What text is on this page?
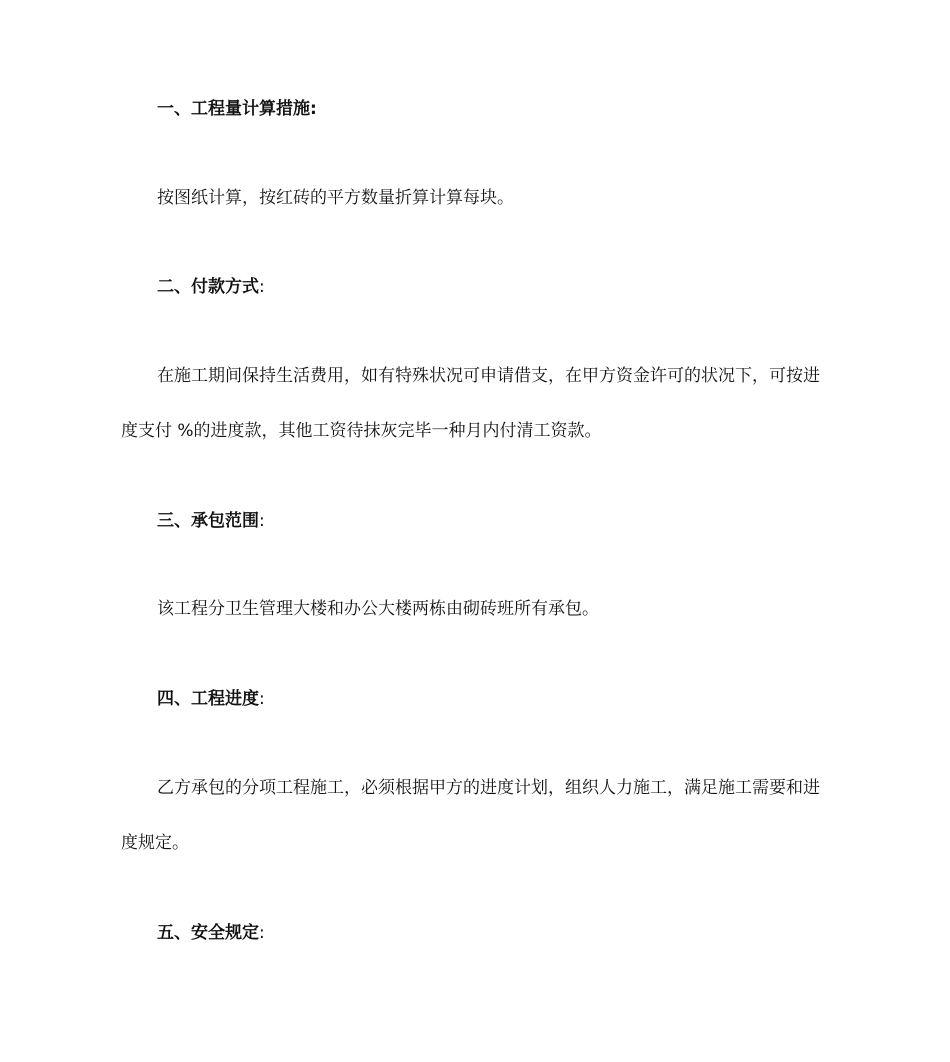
一、工程量计算措施:

按图纸计算，按红砖的平方数量折算计算每块。

二、付款方式:

在施工期间保持生活费用，如有特殊状况可申请借支，在甲方资金许可的状况下，可按进度支付 %的进度款，其他工资待抹灰完毕一种月内付清工资款。

三、承包范围:

该工程分卫生管理大楼和办公大楼两栋由砌砖班所有承包。

四、工程进度:

乙方承包的分项工程施工，必须根据甲方的进度计划，组织人力施工，满足施工需要和进度规定。

五、安全规定:
